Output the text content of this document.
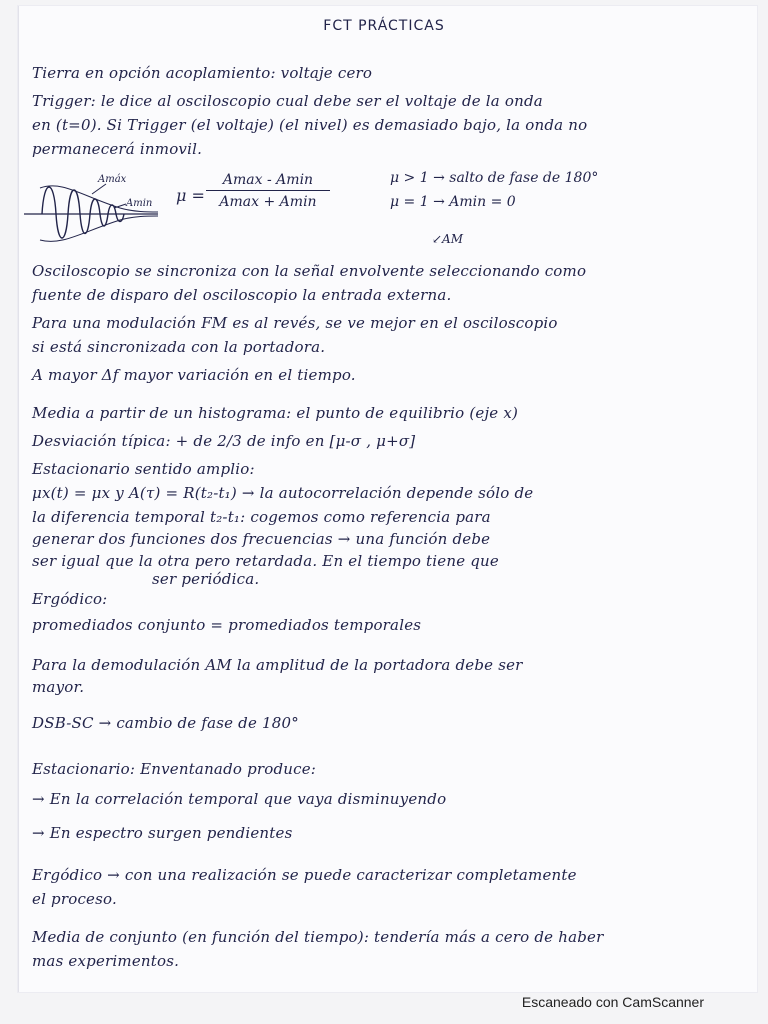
FCT PRÁCTICAS
Tierra en opción acoplamiento: voltaje cero
Trigger: le dice al osciloscopio cual debe ser el voltaje de la onda
en (t=0). Si Trigger (el voltaje) (el nivel) es demasiado bajo, la onda no
permanecerá inmovil.
Amáx
Amin μ =
Amax - Amin
Amax + Amin
μ > 1 → salto de fase de 180°
μ = 1 → Amin = 0
↙AM
Osciloscopio se sincroniza con la señal envolvente seleccionando como
fuente de disparo del osciloscopio la entrada externa.
Para una modulación FM es al revés, se ve mejor en el osciloscopio
si está sincronizada con la portadora.
A mayor Δf mayor variación en el tiempo.
Media a partir de un histograma: el punto de equilibrio (eje x)
Desviación típica: + de 2/3 de info en [μ-σ , μ+σ]
Estacionario sentido amplio:
μx(t) = μx y A(τ) = R(t₂-t₁) → la autocorrelación depende sólo de
la diferencia temporal t₂-t₁: cogemos como referencia para
generar dos funciones dos frecuencias → una función debe
ser igual que la otra pero retardada. En el tiempo tiene que
ser periódica.
Ergódico:
promediados conjunto = promediados temporales
Para la demodulación AM la amplitud de la portadora debe ser
mayor.
DSB-SC → cambio de fase de 180°
Estacionario: Enventanado produce:
→ En la correlación temporal que vaya disminuyendo
→ En espectro surgen pendientes
Ergódico → con una realización se puede caracterizar completamente
el proceso.
Media de conjunto (en función del tiempo): tendería más a cero de haber
mas experimentos.
Escaneado con CamScanner
